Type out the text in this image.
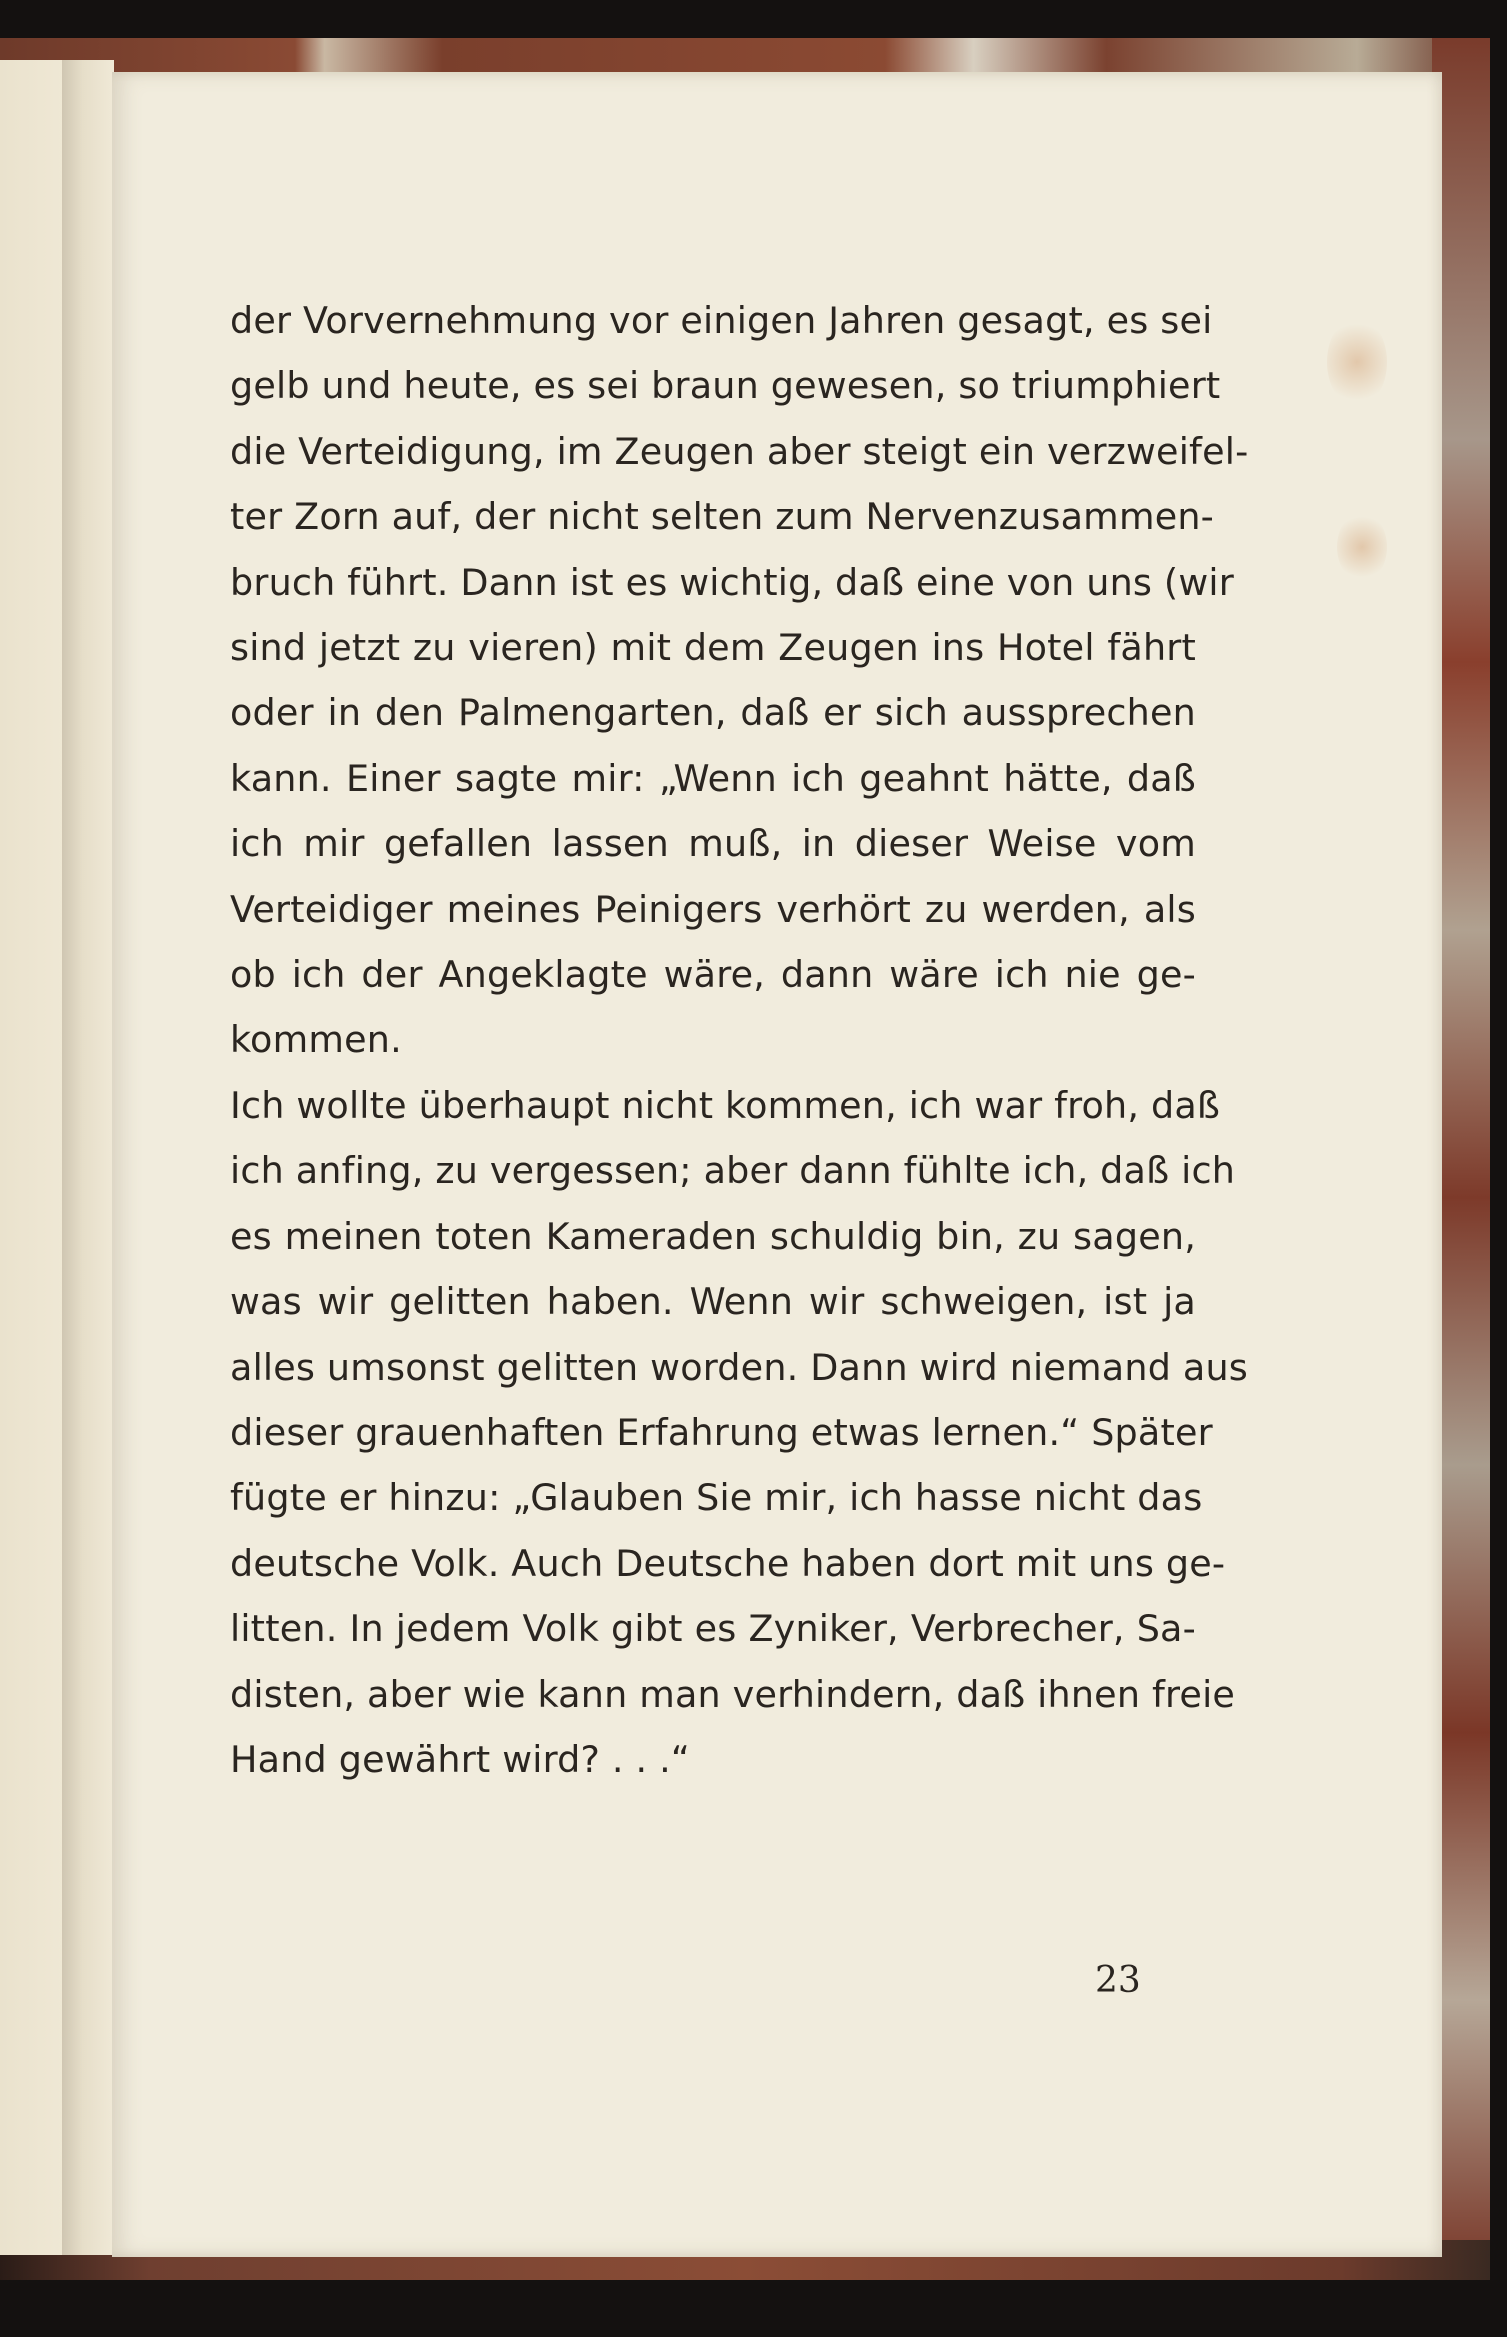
der Vorvernehmung vor einigen Jahren gesagt, es sei
gelb und heute, es sei braun gewesen, so triumphiert
die Verteidigung, im Zeugen aber steigt ein verzweifel-
ter Zorn auf, der nicht selten zum Nervenzusammen-
bruch führt. Dann ist es wichtig, daß eine von uns (wir
sind jetzt zu vieren) mit dem Zeugen ins Hotel fährt
oder in den Palmengarten, daß er sich aussprechen
kann. Einer sagte mir: „Wenn ich geahnt hätte, daß
ich mir gefallen lassen muß, in dieser Weise vom
Verteidiger meines Peinigers verhört zu werden, als
ob ich der Angeklagte wäre, dann wäre ich nie ge-
kommen.
Ich wollte überhaupt nicht kommen, ich war froh, daß
ich anfing, zu vergessen; aber dann fühlte ich, daß ich
es meinen toten Kameraden schuldig bin, zu sagen,
was wir gelitten haben. Wenn wir schweigen, ist ja
alles umsonst gelitten worden. Dann wird niemand aus
dieser grauenhaften Erfahrung etwas lernen.“ Später
fügte er hinzu: „Glauben Sie mir, ich hasse nicht das
deutsche Volk. Auch Deutsche haben dort mit uns ge-
litten. In jedem Volk gibt es Zyniker, Verbrecher, Sa-
disten, aber wie kann man verhindern, daß ihnen freie
Hand gewährt wird? . . .“
23
